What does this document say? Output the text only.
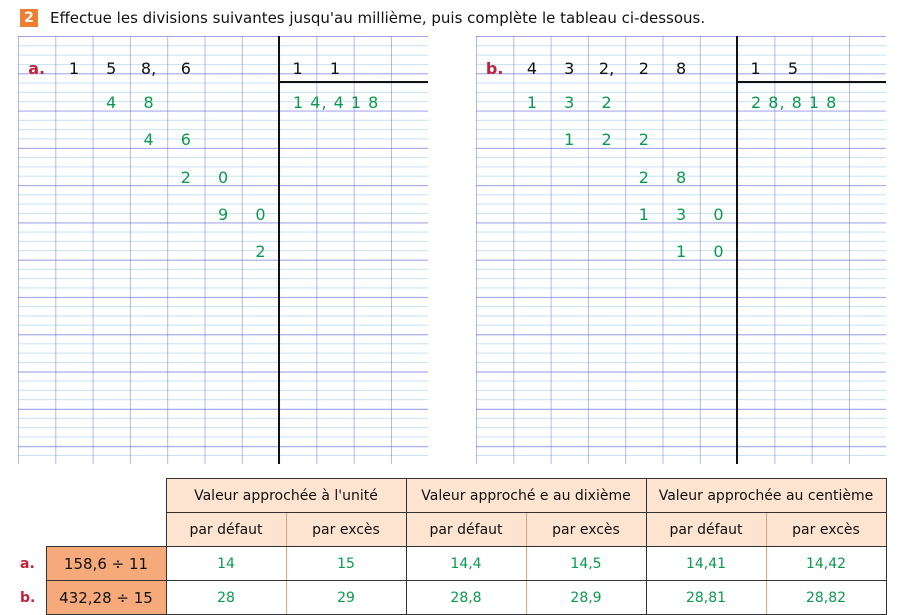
2 Effectue les divisions suivantes jusqu'au millième, puis complète le tableau ci-dessous.
a.	1	5	8,	6	1	1
4	8
4	6
2	0
9	0
2
1 4, 4 1 8
b.	4	3	2,	2	8	1	5
1	3	2
1	2	2
2	8
1	3	0
1	0
2 8, 8 1 8
		Valeur approchée à l'unité		Valeur approché e au dixième		Valeur approchée au centième	
		par défaut	par excès	par défaut	par excès	par défaut	par excès
a.	158,6 ÷ 11	14	15	14,4	14,5	14,41	14,42
b.	432,28 ÷ 15	28	29	28,8	28,9	28,81	28,82
